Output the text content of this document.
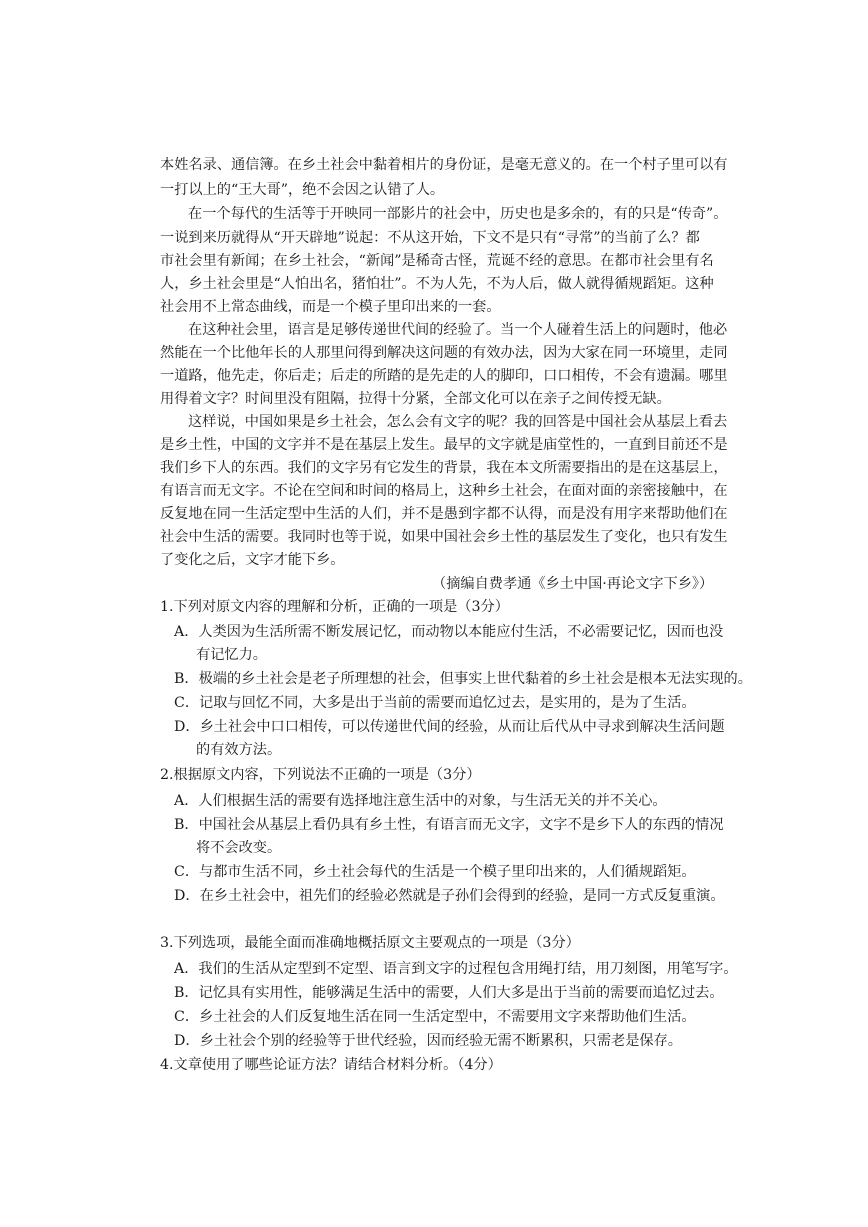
本姓名录、通信簿。在乡土社会中黏着相片的身份证，是毫无意义的。在一个村子里可以有
一打以上的“王大哥”，绝不会因之认错了人。
在一个每代的生活等于开映同一部影片的社会中，历史也是多余的，有的只是“传奇”。
一说到来历就得从“开天辟地”说起：不从这开始，下文不是只有“寻常”的当前了么？都
市社会里有新闻；在乡土社会，“新闻”是稀奇古怪，荒诞不经的意思。在都市社会里有名
人，乡土社会里是“人怕出名，猪怕壮”。不为人先，不为人后，做人就得循规蹈矩。这种
社会用不上常态曲线，而是一个模子里印出来的一套。
在这种社会里，语言是足够传递世代间的经验了。当一个人碰着生活上的问题时，他必
然能在一个比他年长的人那里问得到解决这问题的有效办法，因为大家在同一环境里，走同
一道路，他先走，你后走；后走的所踏的是先走的人的脚印，口口相传，不会有遗漏。哪里
用得着文字？时间里没有阻隔，拉得十分紧，全部文化可以在亲子之间传授无缺。
这样说，中国如果是乡土社会，怎么会有文字的呢？我的回答是中国社会从基层上看去
是乡土性，中国的文字并不是在基层上发生。最早的文字就是庙堂性的，一直到目前还不是
我们乡下人的东西。我们的文字另有它发生的背景，我在本文所需要指出的是在这基层上，
有语言而无文字。不论在空间和时间的格局上，这种乡土社会，在面对面的亲密接触中，在
反复地在同一生活定型中生活的人们，并不是愚到字都不认得，而是没有用字来帮助他们在
社会中生活的需要。我同时也等于说，如果中国社会乡土性的基层发生了变化，也只有发生
了变化之后，文字才能下乡。
（摘编自费孝通《乡土中国·再论文字下乡》）
1.下列对原文内容的理解和分析，正确的一项是（3分）
A．人类因为生活所需不断发展记忆，而动物以本能应付生活，不必需要记忆，因而也没
有记忆力。
B．极端的乡土社会是老子所理想的社会，但事实上世代黏着的乡土社会是根本无法实现的。
C．记取与回忆不同，大多是出于当前的需要而追忆过去，是实用的，是为了生活。
D．乡土社会中口口相传，可以传递世代间的经验，从而让后代从中寻求到解决生活问题
的有效方法。
2.根据原文内容，下列说法不正确的一项是（3分）
A．人们根据生活的需要有选择地注意生活中的对象，与生活无关的并不关心。
B．中国社会从基层上看仍具有乡土性，有语言而无文字，文字不是乡下人的东西的情况
将不会改变。
C．与都市生活不同，乡土社会每代的生活是一个模子里印出来的，人们循规蹈矩。
D．在乡土社会中，祖先们的经验必然就是子孙们会得到的经验，是同一方式反复重演。
3.下列选项，最能全面而准确地概括原文主要观点的一项是（3分）
A．我们的生活从定型到不定型、语言到文字的过程包含用绳打结，用刀刻图，用笔写字。
B．记忆具有实用性，能够满足生活中的需要，人们大多是出于当前的需要而追忆过去。
C．乡土社会的人们反复地生活在同一生活定型中，不需要用文字来帮助他们生活。
D．乡土社会个别的经验等于世代经验，因而经验无需不断累积，只需老是保存。
4.文章使用了哪些论证方法？请结合材料分析。（4分）
